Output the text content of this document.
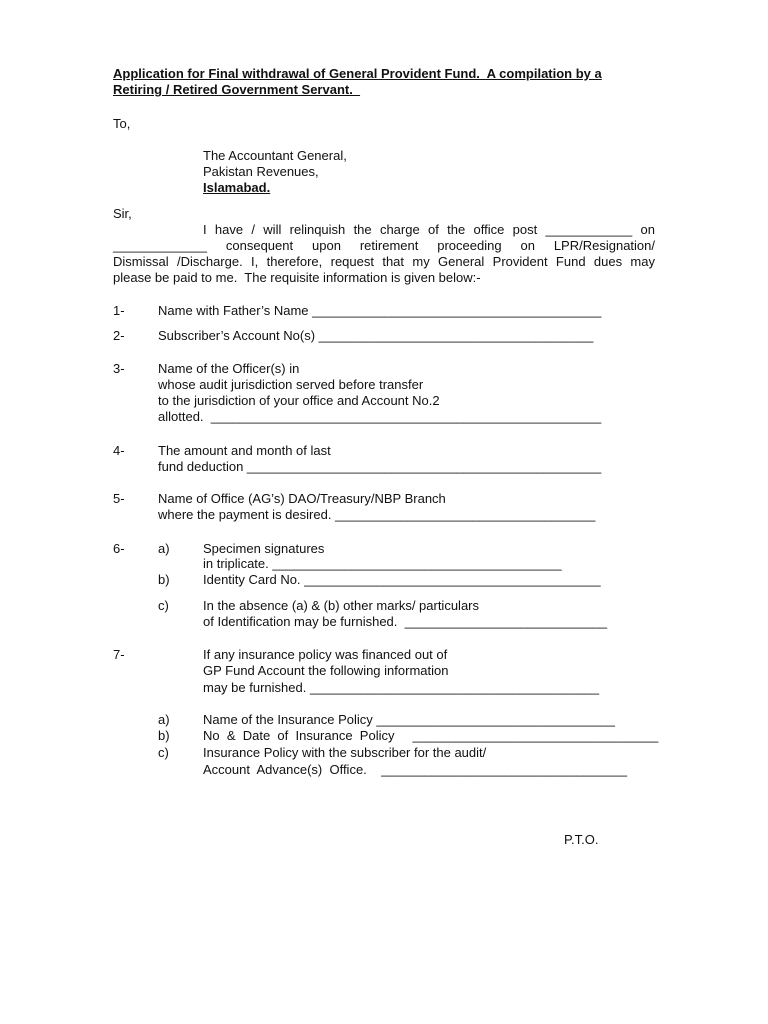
Application for Final withdrawal of General Provident Fund.  A compilation by a
Retiring / Retired Government Servant.
To,
The Accountant General,
Pakistan Revenues,
Islamabad.
Sir,
I have / will relinquish the charge of the office post ____________ on
_____________ consequent upon retirement proceeding on LPR/Resignation/
Dismissal /Discharge. I, therefore, request that my General Provident Fund dues may
please be paid to me.  The requisite information is given below:-
1-	Name with Father’s Name ________________________________________
2-	Subscriber’s Account No(s) ______________________________________
3-	Name of the Officer(s) in
whose audit jurisdiction served before transfer
to the jurisdiction of your office and Account No.2
allotted.  ______________________________________________________
4-	The amount and month of last
fund deduction _________________________________________________
5-	Name of Office (AG’s) DAO/Treasury/NBP Branch
where the payment is desired. ____________________________________
6-	a)	Specimen signatures
in triplicate. ________________________________________
b)	Identity Card No. _________________________________________
c)	In the absence (a) & (b) other marks/ particulars
of Identification may be furnished.  ____________________________
7-	If any insurance policy was financed out of
GP Fund Account the following information
may be furnished. ________________________________________
a)	Name of the Insurance Policy _________________________________
b)	No  &  Date  of  Insurance  Policy     __________________________________
c)	Insurance Policy with the subscriber for the audit/
Account  Advance(s)  Office.    __________________________________
P.T.O.
